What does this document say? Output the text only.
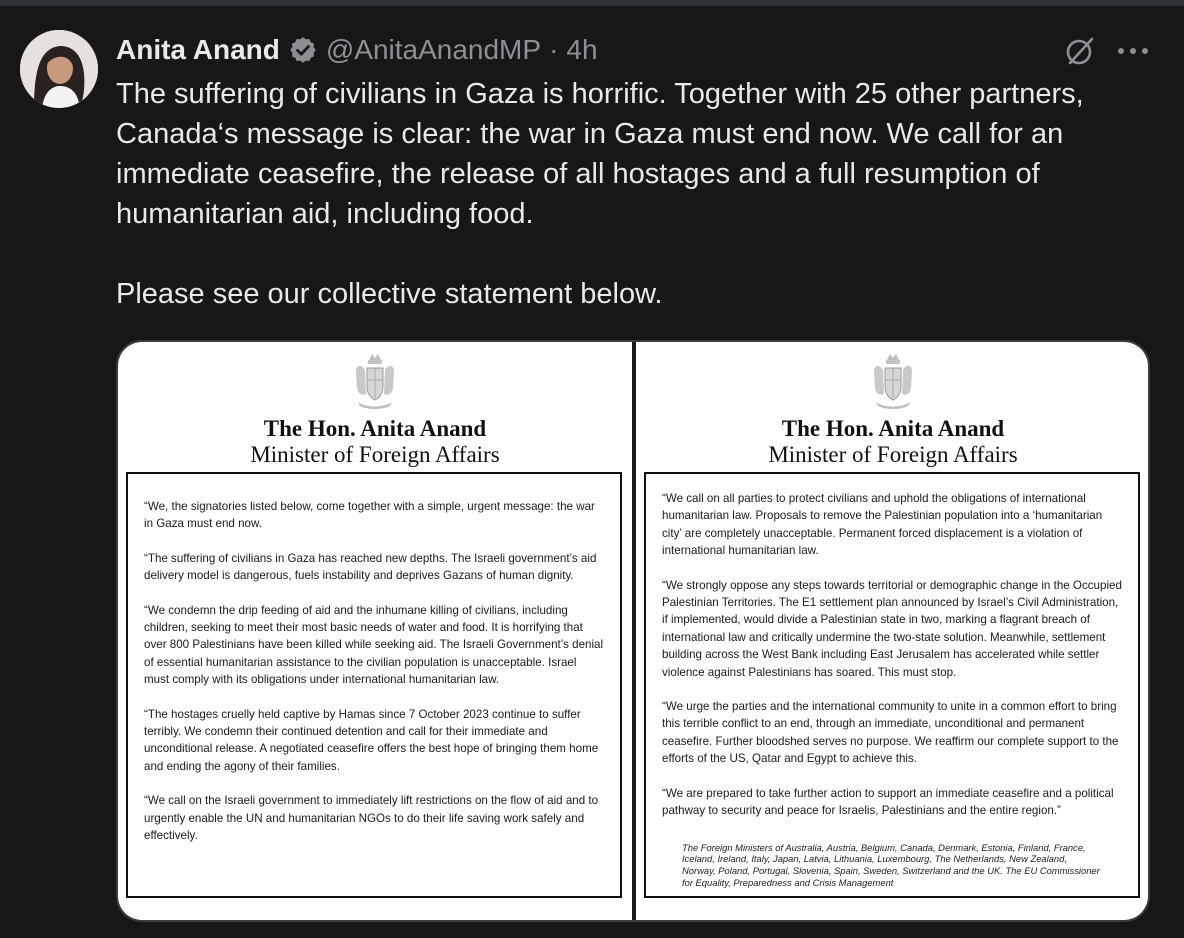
Anita Anand @AnitaAnandMP · 4h

The suffering of civilians in Gaza is horrific. Together with 25 other partners, Canada‘s message is clear: the war in Gaza must end now. We call for an immediate ceasefire, the release of all hostages and a full resumption of humanitarian aid, including food.

Please see our collective statement below.

The Hon. Anita Anand
Minister of Foreign Affairs

“We, the signatories listed below, come together with a simple, urgent message: the war in Gaza must end now.

“The suffering of civilians in Gaza has reached new depths. The Israeli government’s aid delivery model is dangerous, fuels instability and deprives Gazans of human dignity.

“We condemn the drip feeding of aid and the inhumane killing of civilians, including children, seeking to meet their most basic needs of water and food. It is horrifying that over 800 Palestinians have been killed while seeking aid. The Israeli Government’s denial of essential humanitarian assistance to the civilian population is unacceptable. Israel must comply with its obligations under international humanitarian law.

“The hostages cruelly held captive by Hamas since 7 October 2023 continue to suffer terribly. We condemn their continued detention and call for their immediate and unconditional release. A negotiated ceasefire offers the best hope of bringing them home and ending the agony of their families.

“We call on the Israeli government to immediately lift restrictions on the flow of aid and to urgently enable the UN and humanitarian NGOs to do their life saving work safely and effectively.

The Hon. Anita Anand
Minister of Foreign Affairs

“We call on all parties to protect civilians and uphold the obligations of international humanitarian law. Proposals to remove the Palestinian population into a ‘humanitarian city’ are completely unacceptable. Permanent forced displacement is a violation of international humanitarian law.

“We strongly oppose any steps towards territorial or demographic change in the Occupied Palestinian Territories. The E1 settlement plan announced by Israel’s Civil Administration, if implemented, would divide a Palestinian state in two, marking a flagrant breach of international law and critically undermine the two-state solution. Meanwhile, settlement building across the West Bank including East Jerusalem has accelerated while settler violence against Palestinians has soared. This must stop.

“We urge the parties and the international community to unite in a common effort to bring this terrible conflict to an end, through an immediate, unconditional and permanent ceasefire. Further bloodshed serves no purpose. We reaffirm our complete support to the efforts of the US, Qatar and Egypt to achieve this.

“We are prepared to take further action to support an immediate ceasefire and a political pathway to security and peace for Israelis, Palestinians and the entire region.”

The Foreign Ministers of Australia, Austria, Belgium, Canada, Denmark, Estonia, Finland, France, Iceland, Ireland, Italy, Japan, Latvia, Lithuania, Luxembourg, The Netherlands, New Zealand, Norway, Poland, Portugal, Slovenia, Spain, Sweden, Switzerland and the UK. The EU Commissioner for Equality, Preparedness and Crisis Management
